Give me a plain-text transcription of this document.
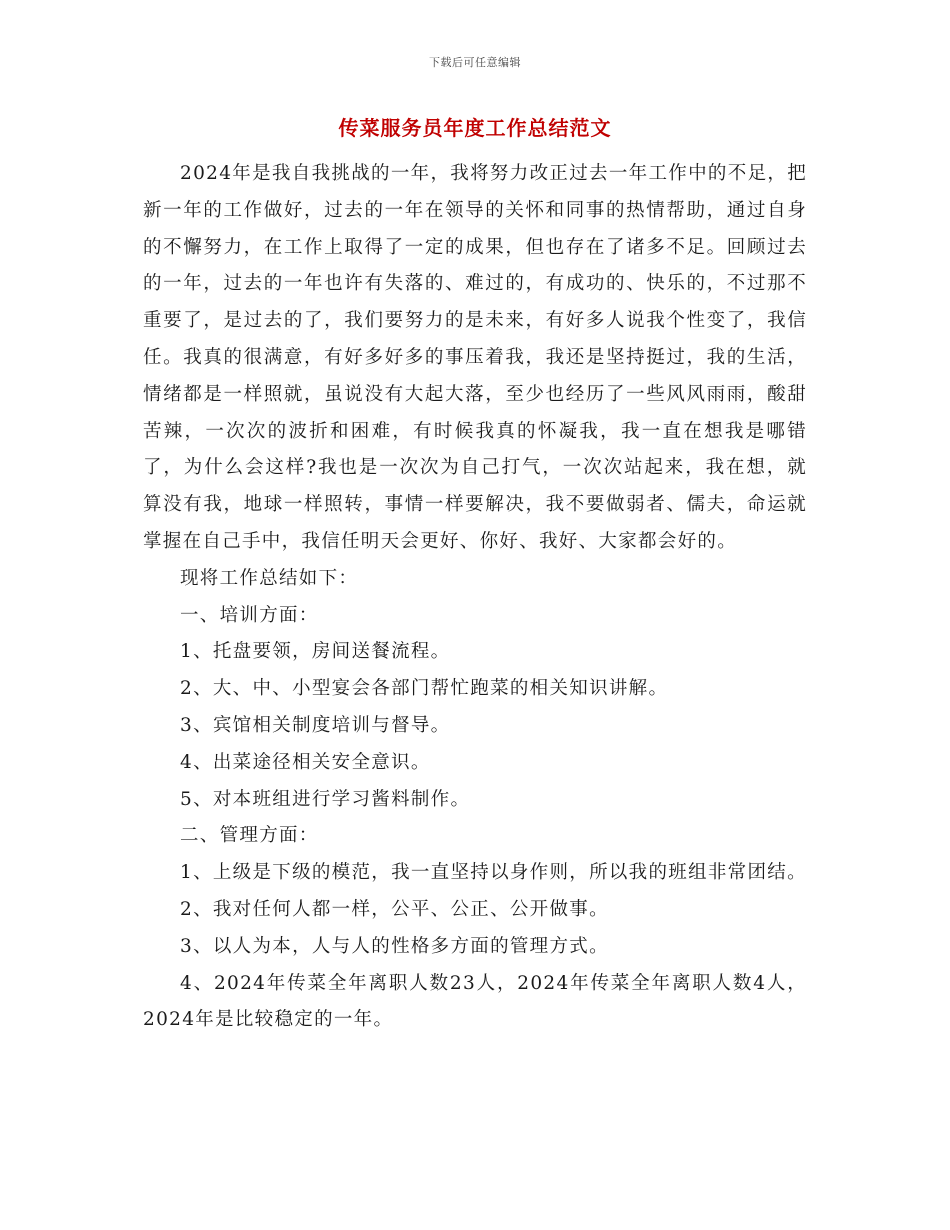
下载后可任意编辑
传菜服务员年度工作总结范文

2024年是我自我挑战的一年，我将努力改正过去一年工作中的不足，把新一年的工作做好，过去的一年在领导的关怀和同事的热情帮助，通过自身的不懈努力，在工作上取得了一定的成果，但也存在了诸多不足。回顾过去的一年，过去的一年也许有失落的、难过的，有成功的、快乐的，不过那不重要了，是过去的了，我们要努力的是未来，有好多人说我个性变了，我信任。我真的很满意，有好多好多的事压着我，我还是坚持挺过，我的生活，情绪都是一样照就，虽说没有大起大落，至少也经历了一些风风雨雨，酸甜苦辣，一次次的波折和困难，有时候我真的怀凝我，我一直在想我是哪错了，为什么会这样?我也是一次次为自己打气，一次次站起来，我在想，就算没有我，地球一样照转，事情一样要解决，我不要做弱者、儒夫，命运就掌握在自己手中，我信任明天会更好、你好、我好、大家都会好的。

现将工作总结如下：

一、培训方面：

1、托盘要领，房间送餐流程。

2、大、中、小型宴会各部门帮忙跑菜的相关知识讲解。

3、宾馆相关制度培训与督导。

4、出菜途径相关安全意识。

5、对本班组进行学习酱料制作。

二、管理方面：

1、上级是下级的模范，我一直坚持以身作则，所以我的班组非常团结。

2、我对任何人都一样，公平、公正、公开做事。

3、以人为本，人与人的性格多方面的管理方式。

4、2024年传菜全年离职人数23人，2024年传菜全年离职人数4人， 2024年是比较稳定的一年。
